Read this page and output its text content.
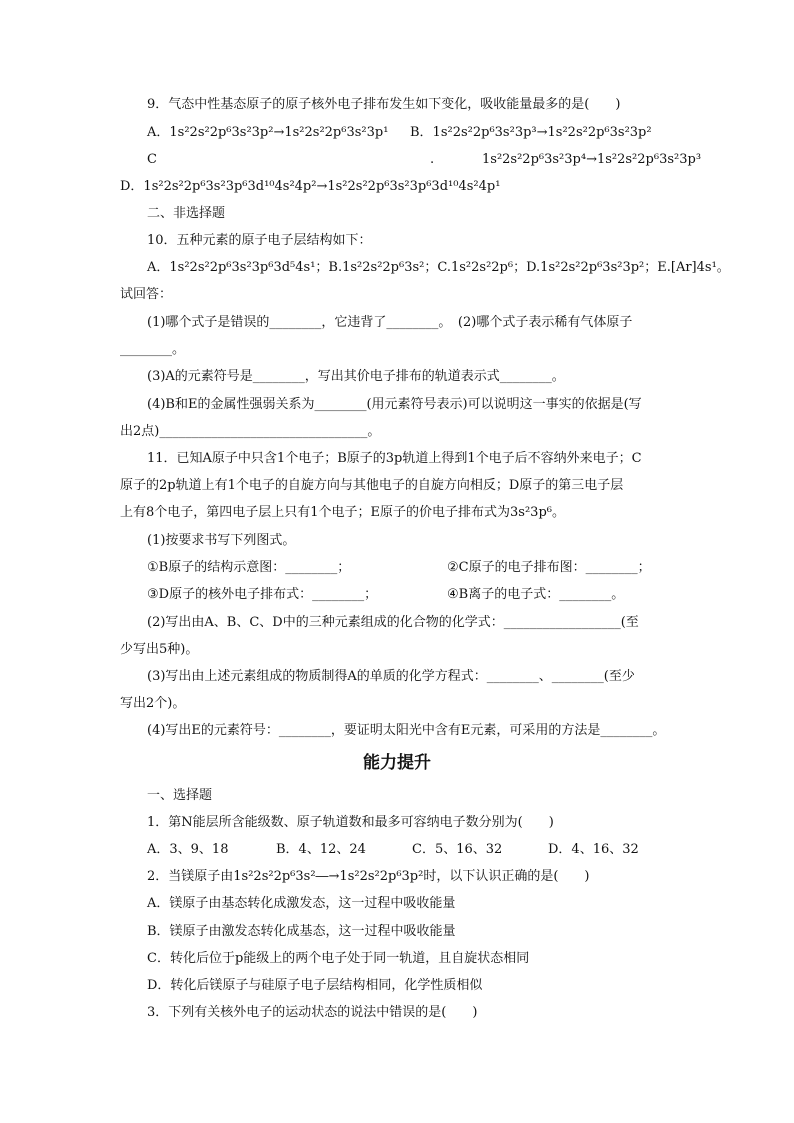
9．气态中性基态原子的原子核外电子排布发生如下变化，吸收能量最多的是(　　)
A．1s²2s²2p⁶3s²3p²→1s²2s²2p⁶3s²3p¹ B．1s²2s²2p⁶3s²3p³→1s²2s²2p⁶3s²3p²
C	.	1s²2s²2p⁶3s²3p⁴→1s²2s²2p⁶3s²3p³
D．1s²2s²2p⁶3s²3p⁶3d¹⁰4s²4p²→1s²2s²2p⁶3s²3p⁶3d¹⁰4s²4p¹
二、非选择题
10．五种元素的原子电子层结构如下：
A．1s²2s²2p⁶3s²3p⁶3d⁵4s¹；B.1s²2s²2p⁶3s²；C.1s²2s²2p⁶；D.1s²2s²2p⁶3s²3p²；E.[Ar]4s¹。
试回答：
(1)哪个式子是错误的________，它违背了________。　(2)哪个式子表示稀有气体原子
________。
(3)A的元素符号是________，写出其价电子排布的轨道表示式________。
(4)B和E的金属性强弱关系为________(用元素符号表示)可以说明这一事实的依据是(写
出2点)________________________________。
11．已知A原子中只含1个电子；B原子的3p轨道上得到1个电子后不容纳外来电子；C
原子的2p轨道上有1个电子的自旋方向与其他电子的自旋方向相反；D原子的第三电子层
上有8个电子，第四电子层上只有1个电子；E原子的价电子排布式为3s²3p⁶。
(1)按要求书写下列图式。
①B原子的结构示意图：________；	②C原子的电子排布图：________；
③D原子的核外电子排布式：________；	④B离子的电子式：________。
(2)写出由A、B、C、D中的三种元素组成的化合物的化学式：__________________(至
少写出5种)。
(3)写出由上述元素组成的物质制得A的单质的化学方程式：________、________(至少
写出2个)。
(4)写出E的元素符号：________，要证明太阳光中含有E元素，可采用的方法是________。
能力提升
一、选择题
1．第N能层所含能级数、原子轨道数和最多可容纳电子数分别为(　　)
A．3、9、18	B．4、12、24	C．5、16、32	D．4、16、32
2．当镁原子由1s²2s²2p⁶3s²―→1s²2s²2p⁶3p²时，以下认识正确的是(　　)
A．镁原子由基态转化成激发态，这一过程中吸收能量
B．镁原子由激发态转化成基态，这一过程中吸收能量
C．转化后位于p能级上的两个电子处于同一轨道，且自旋状态相同
D．转化后镁原子与硅原子电子层结构相同，化学性质相似
3．下列有关核外电子的运动状态的说法中错误的是(　　)
